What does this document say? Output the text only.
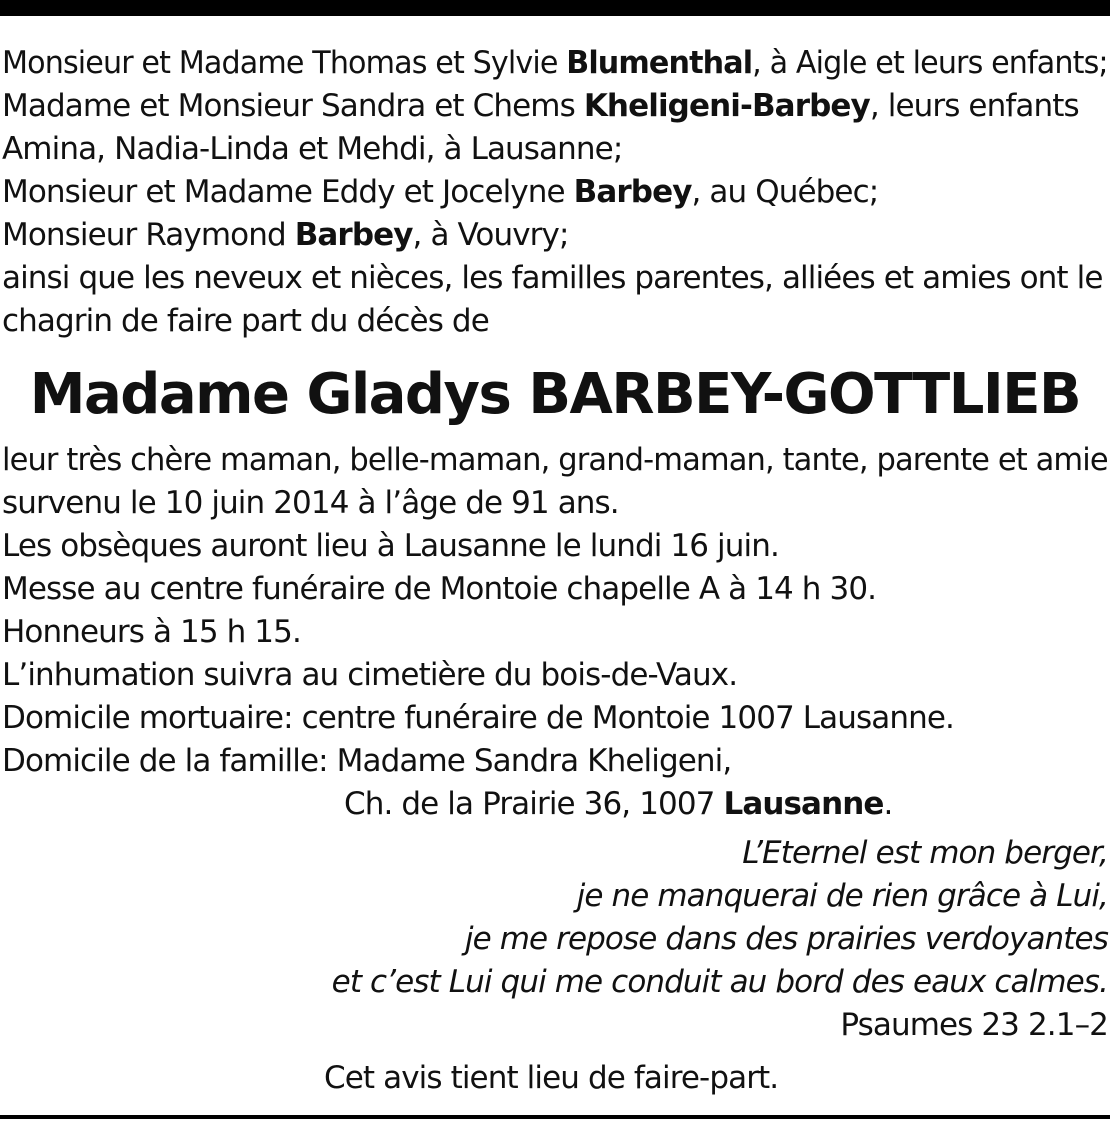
Monsieur et Madame Thomas et Sylvie Blumenthal, à Aigle et leurs enfants;
Madame et Monsieur Sandra et Chems Kheligeni-Barbey, leurs enfants
Amina, Nadia-Linda et Mehdi, à Lausanne;
Monsieur et Madame Eddy et Jocelyne Barbey, au Québec;
Monsieur Raymond Barbey, à Vouvry;
ainsi que les neveux et nièces, les familles parentes, alliées et amies ont le
chagrin de faire part du décès de
Madame Gladys BARBEY-GOTTLIEB
leur très chère maman, belle-maman, grand-maman, tante, parente et amie
survenu le 10 juin 2014 à l’âge de 91 ans.
Les obsèques auront lieu à Lausanne le lundi 16 juin.
Messe au centre funéraire de Montoie chapelle A à 14 h 30.
Honneurs à 15 h 15.
L’inhumation suivra au cimetière du bois-de-Vaux.
Domicile mortuaire: centre funéraire de Montoie 1007 Lausanne.
Domicile de la famille: Madame Sandra Kheligeni,
Ch. de la Prairie 36, 1007 Lausanne.
L’Eternel est mon berger,
je ne manquerai de rien grâce à Lui,
je me repose dans des prairies verdoyantes
et c’est Lui qui me conduit au bord des eaux calmes.
Psaumes 23 2.1–2
Cet avis tient lieu de faire-part.
